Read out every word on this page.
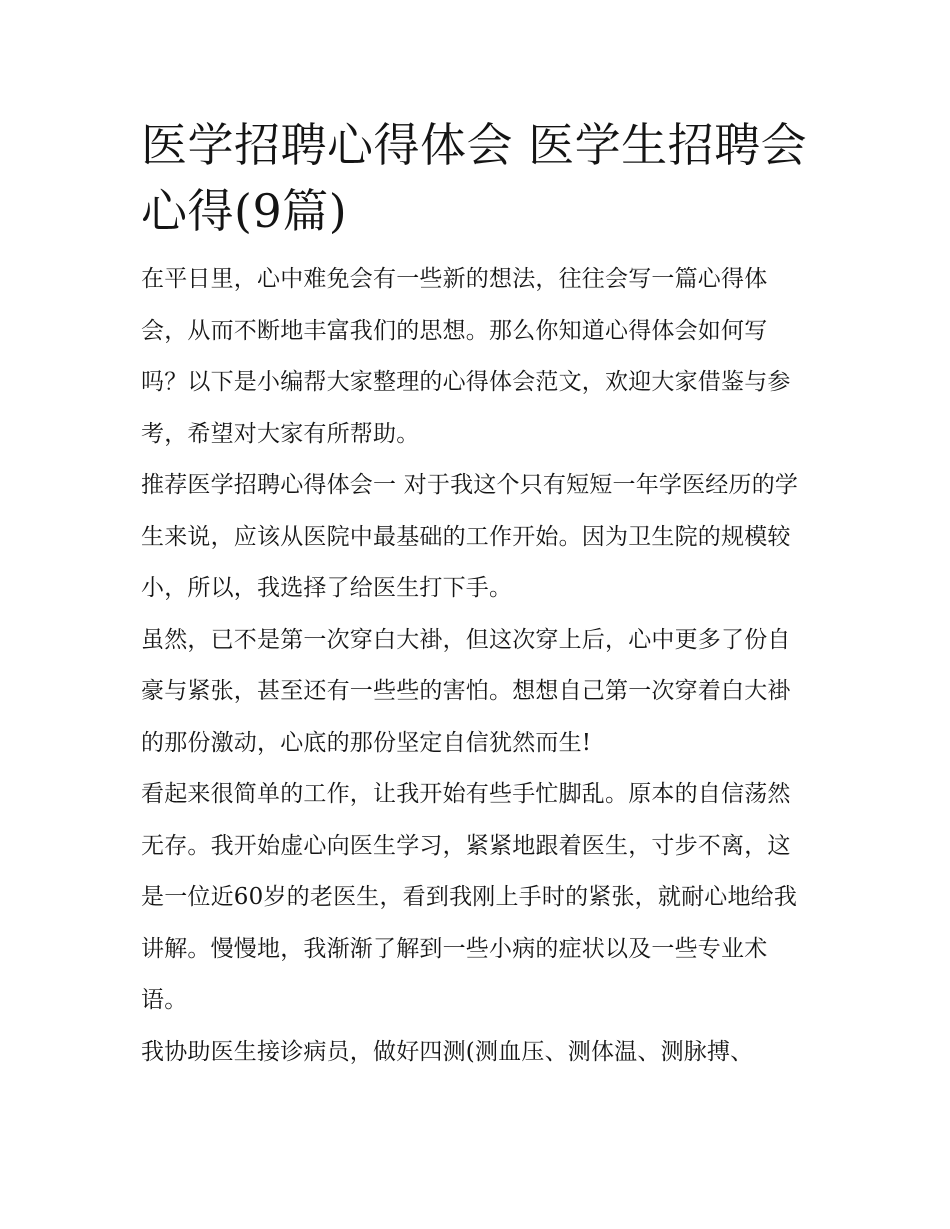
医学招聘心得体会 医学生招聘会心得(9篇)

在平日里，心中难免会有一些新的想法，往往会写一篇心得体会，从而不断地丰富我们的思想。那么你知道心得体会如何写吗？以下是小编帮大家整理的心得体会范文，欢迎大家借鉴与参考，希望对大家有所帮助。

推荐医学招聘心得体会一 对于我这个只有短短一年学医经历的学生来说，应该从医院中最基础的工作开始。因为卫生院的规模较小，所以，我选择了给医生打下手。

虽然，已不是第一次穿白大褂，但这次穿上后，心中更多了份自豪与紧张，甚至还有一些些的害怕。想想自己第一次穿着白大褂的那份激动，心底的那份坚定自信犹然而生!

看起来很简单的工作，让我开始有些手忙脚乱。原本的自信荡然无存。我开始虚心向医生学习，紧紧地跟着医生，寸步不离，这是一位近60岁的老医生，看到我刚上手时的紧张，就耐心地给我讲解。慢慢地，我渐渐了解到一些小病的症状以及一些专业术语。

我协助医生接诊病员，做好四测(测血压、测体温、测脉搏、
